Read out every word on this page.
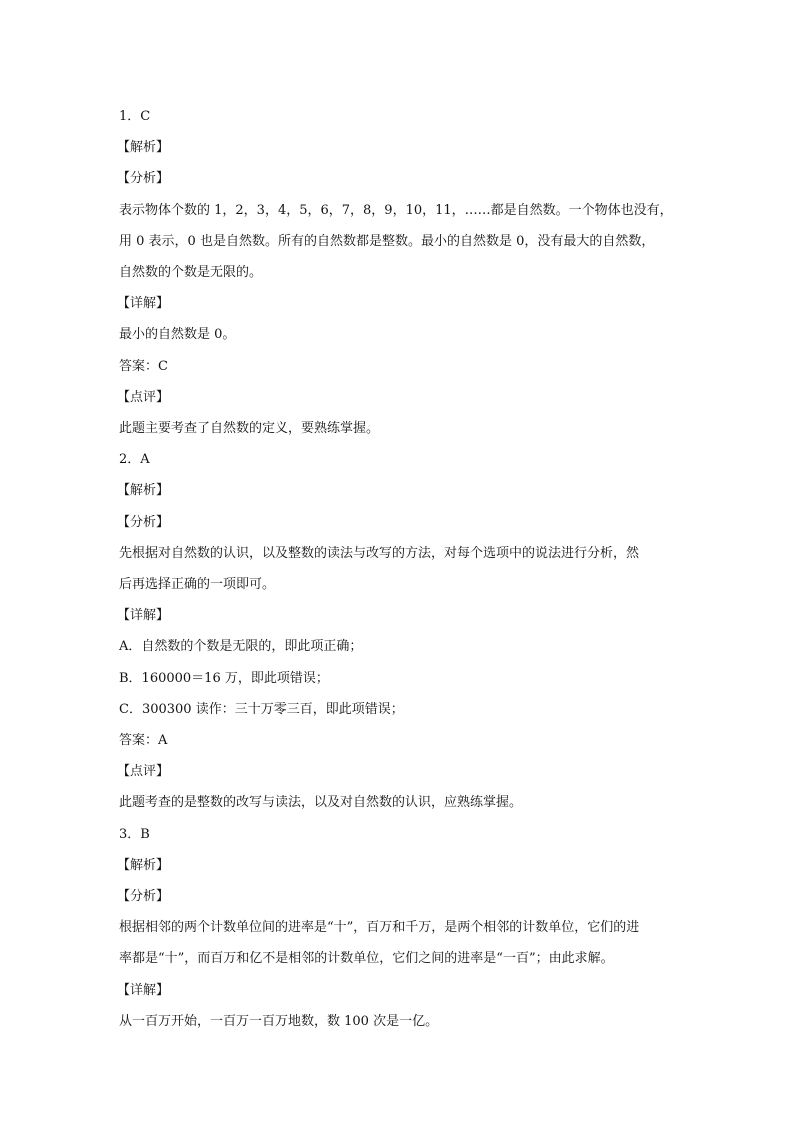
1．C
【解析】
【分析】
表示物体个数的 1，2，3，4，5，6，7，8，9，10，11，……都是自然数。一个物体也没有，
用 0 表示，0 也是自然数。所有的自然数都是整数。最小的自然数是 0，没有最大的自然数，
自然数的个数是无限的。
【详解】
最小的自然数是 0。
答案：C
【点评】
此题主要考查了自然数的定义，要熟练掌握。
2．A
【解析】
【分析】
先根据对自然数的认识，以及整数的读法与改写的方法，对每个选项中的说法进行分析，然
后再选择正确的一项即可。
【详解】
A．自然数的个数是无限的，即此项正确；
B．160000＝16 万，即此项错误；
C．300300 读作：三十万零三百，即此项错误；
答案：A
【点评】
此题考查的是整数的改写与读法，以及对自然数的认识，应熟练掌握。
3．B
【解析】
【分析】
根据相邻的两个计数单位间的进率是“十”，百万和千万，是两个相邻的计数单位，它们的进
率都是“十”，而百万和亿不是相邻的计数单位，它们之间的进率是“一百”；由此求解。
【详解】
从一百万开始，一百万一百万地数，数 100 次是一亿。
